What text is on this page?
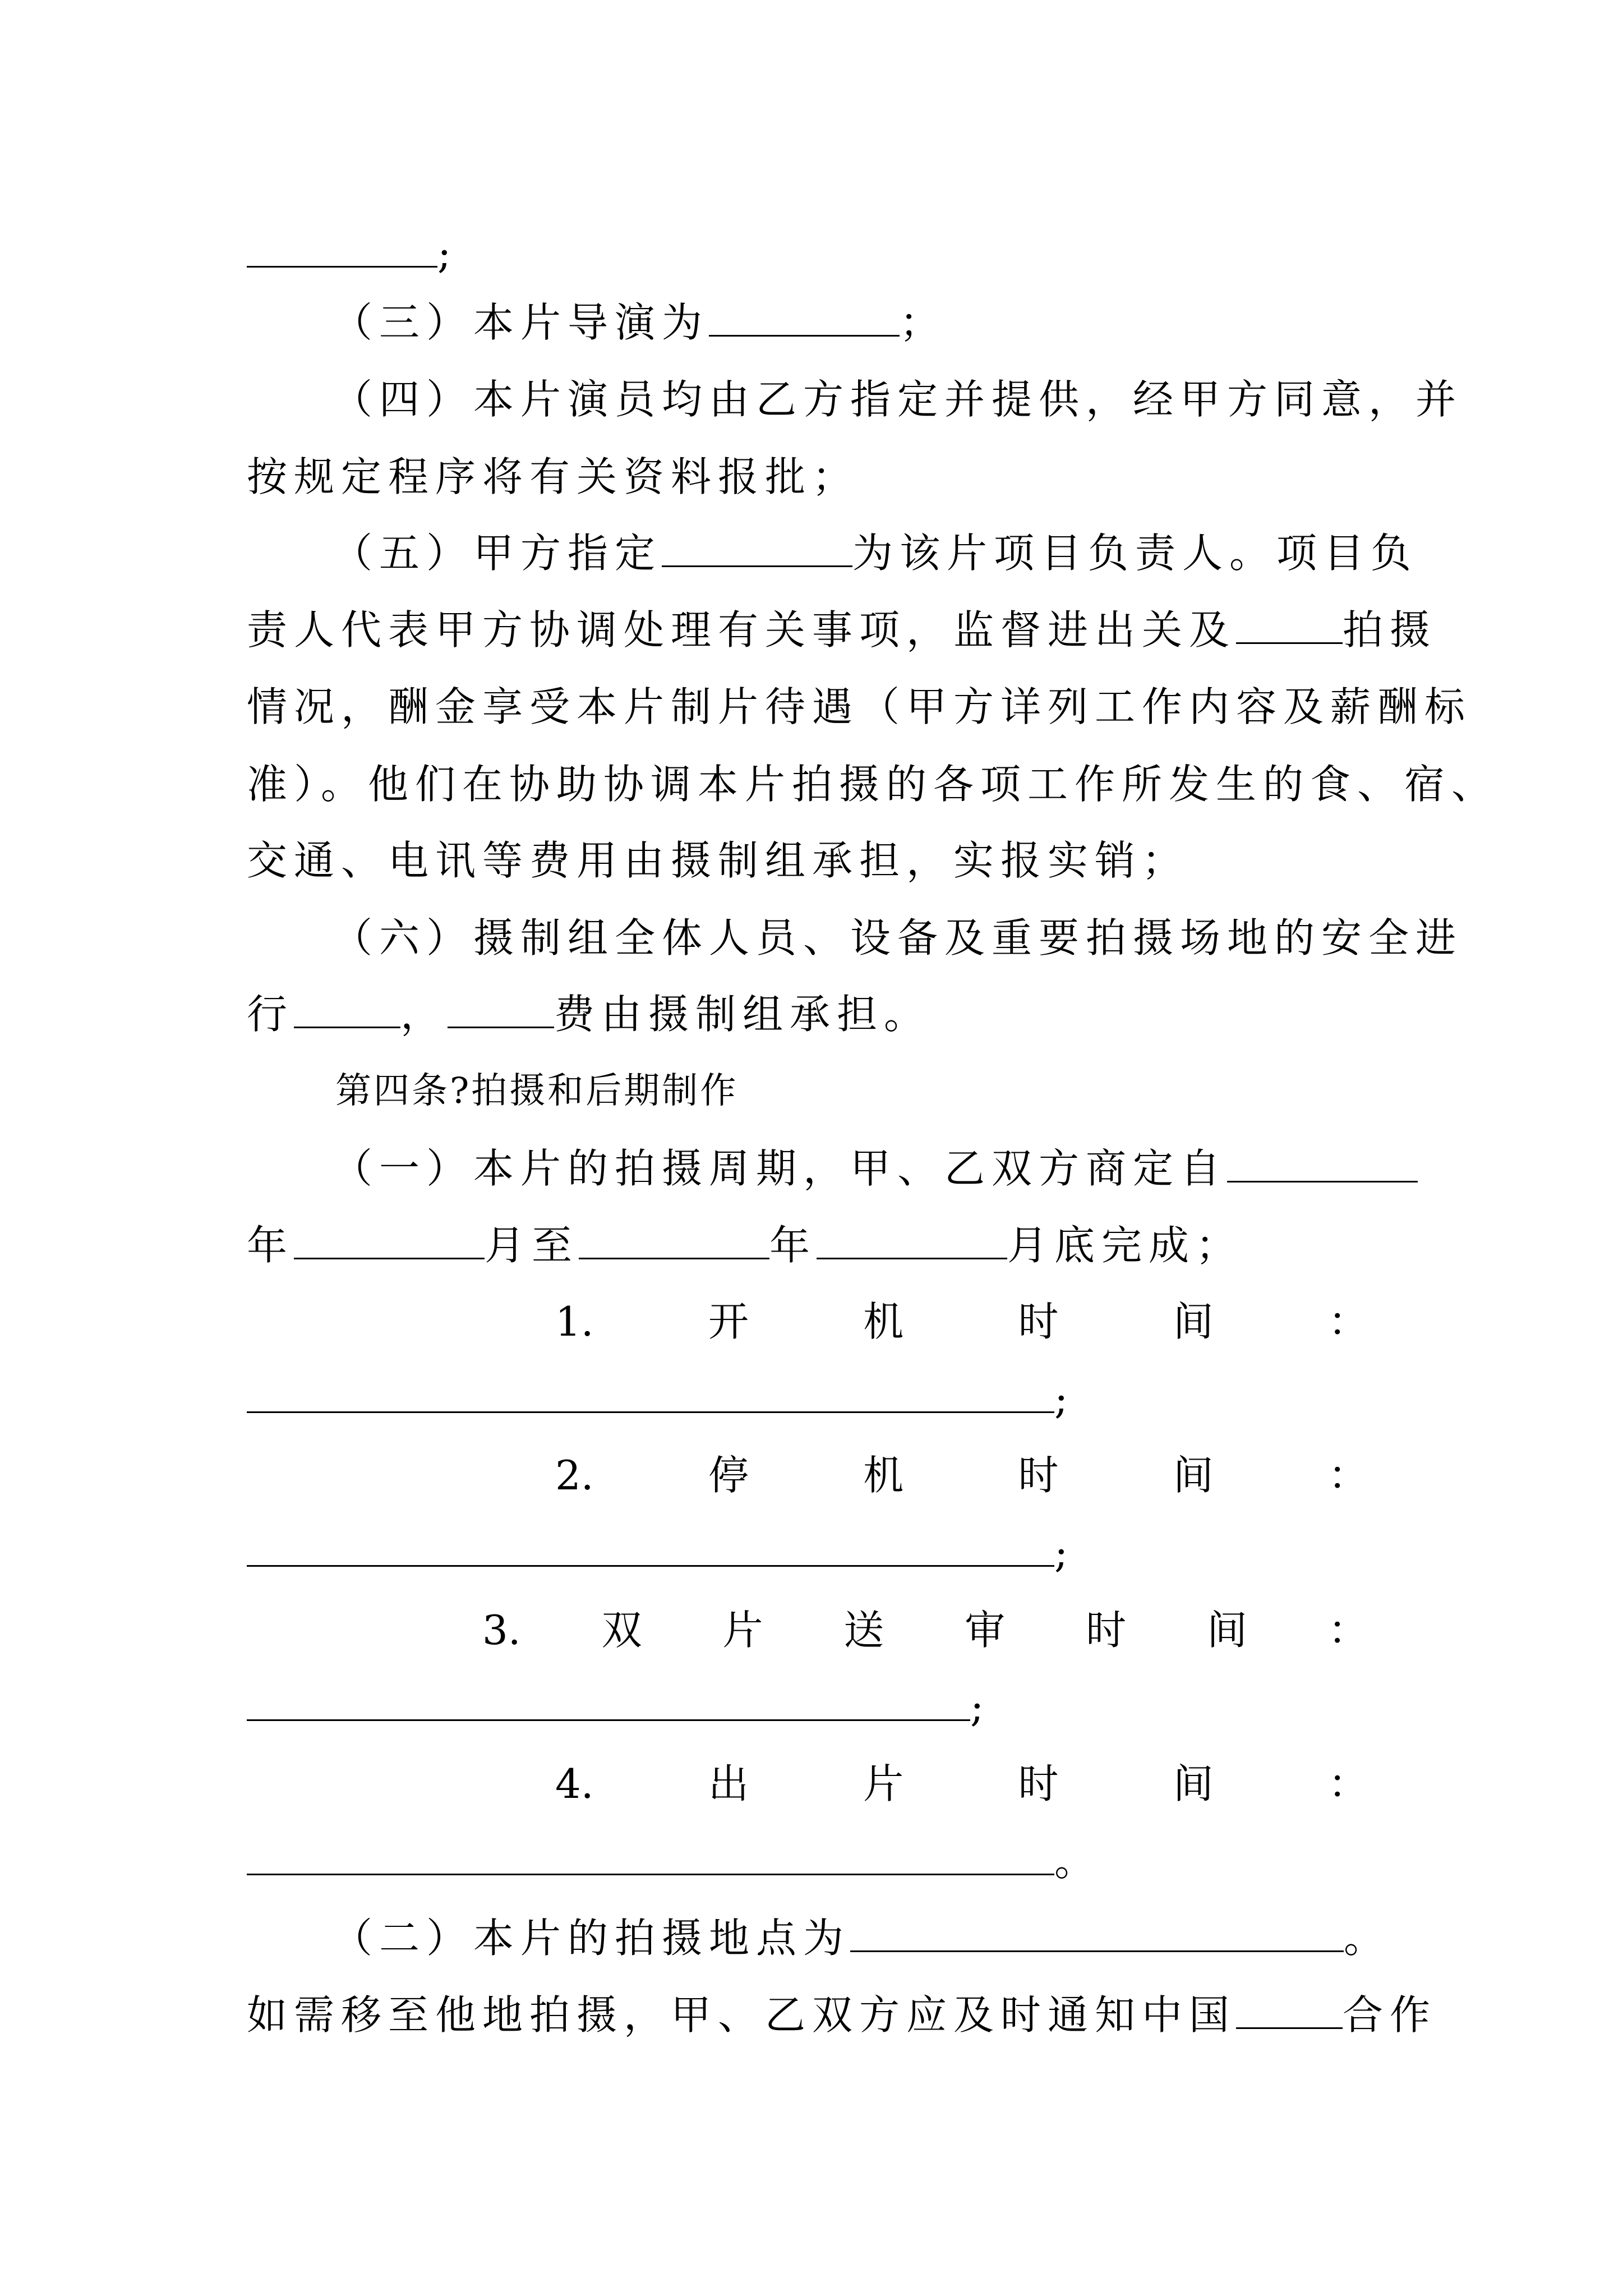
;
（三）本片导演为	；
（四）本片演员均由乙方指定并提供，经甲方同意，并
按规定程序将有关资料报批；
（五）甲方指定	为该片项目负责人。项目负
责人代表甲方协调处理有关事项，监督进出关及	拍摄
情况，酬金享受本片制片待遇（甲方详列工作内容及薪酬标
准）。他们在协助协调本片拍摄的各项工作所发生的食、宿、
交通、电讯等费用由摄制组承担，实报实销；
（六）摄制组全体人员、设备及重要拍摄场地的安全进
行	，	费由摄制组承担。
第四条?拍摄和后期制作
（一）本片的拍摄周期，甲、乙双方商定自
年	月至	年	月底完成；
1.	开	机	时	间	：
;
2.	停	机	时	间	：
;
3. 双 片 送 审 时 间 ：
;
4.	出	片	时	间	：
。
（二）本片的拍摄地点为	。
如需移至他地拍摄，甲、乙双方应及时通知中国	合作
